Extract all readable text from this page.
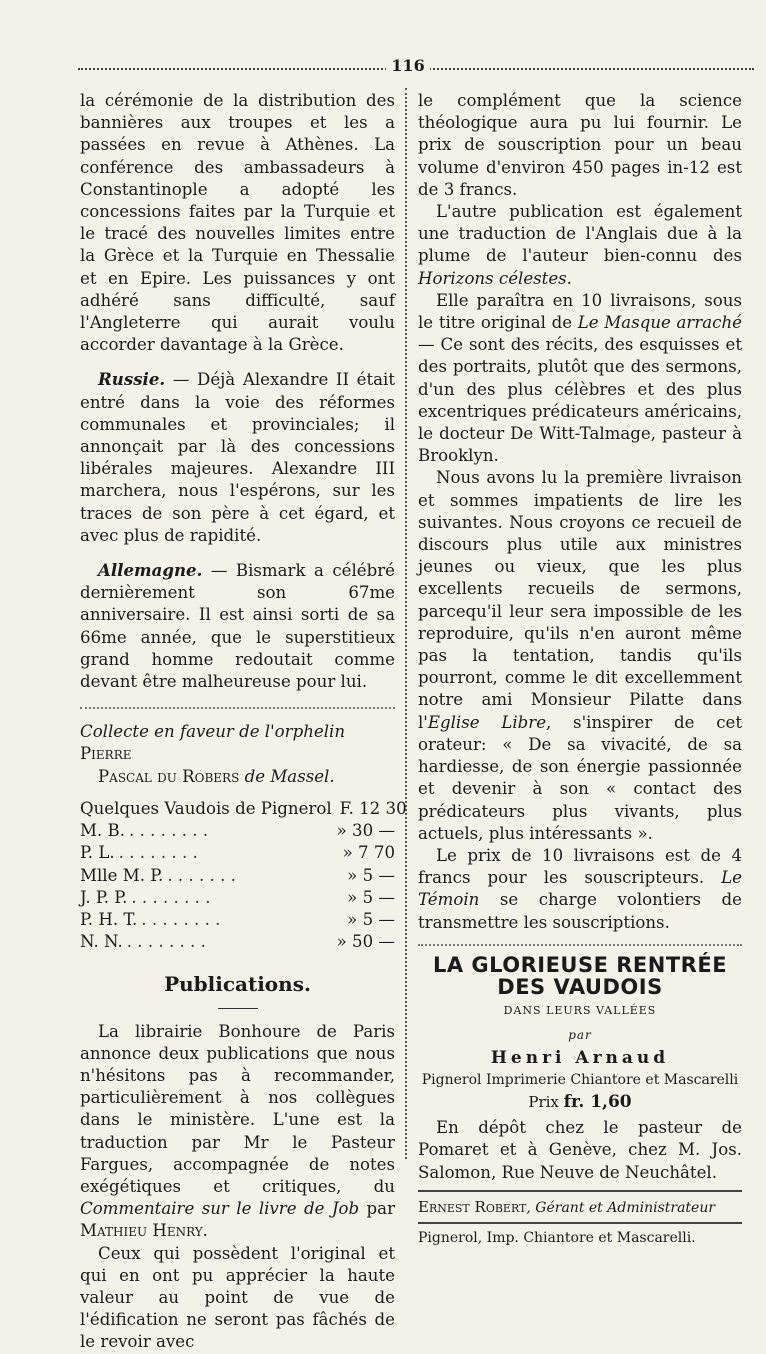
116

la cérémonie de la distribution des bannières aux troupes et les a passées en revue à Athènes. La conférence des ambassadeurs à Constantinople a adopté les concessions faites par la Turquie et le tracé des nouvelles limites entre la Grèce et la Turquie en Thessalie et en Epire. Les puissances y ont adhéré sans difficulté, sauf l'Angleterre qui aurait voulu accorder davantage à la Grèce.

Russie. — Déjà Alexandre II était entré dans la voie des réformes communales et provinciales; il annonçait par là des concessions libérales majeures. Alexandre III marchera, nous l'espérons, sur les traces de son père à cet égard, et avec plus de rapidité.

Allemagne. — Bismark a célébré dernièrement son 67me anniversaire. Il est ainsi sorti de sa 66me année, que le superstitieux grand homme redoutait comme devant être malheureuse pour lui.

Collecte en faveur de l'orphelin Pierre
Pascal du Robers de Massel.

Quelques Vaudois de Pignerol F. 12 30
M. B. . . . . . . . .	» 30 —
P. L. . . . . . . . .	» 7 70
Mlle M. P. . . . . . . .	» 5 —
J. P. P. . . . . . . . .	» 5 —
P. H. T. . . . . . . . .	» 5 —
N. N. . . . . . . . .	» 50 —
Publications.

La librairie Bonhoure de Paris annonce deux publications que nous n'hésitons pas à recommander, particulièrement à nos collègues dans le ministère. L'une est la traduction par Mr le Pasteur Fargues, accompagnée de notes exégétiques et critiques, du Commentaire sur le livre de Job par Mathieu Henry.

Ceux qui possèdent l'original et qui en ont pu apprécier la haute valeur au point de vue de l'édification ne seront pas fâchés de le revoir avec

le complément que la science théologique aura pu lui fournir. Le prix de souscription pour un beau volume d'environ 450 pages in-12 est de 3 francs.

L'autre publication est également une traduction de l'Anglais due à la plume de l'auteur bien-connu des Horizons célestes.

Elle paraîtra en 10 livraisons, sous le titre original de Le Masque arraché — Ce sont des récits, des esquisses et des portraits, plutôt que des sermons, d'un des plus célèbres et des plus excentriques prédicateurs américains, le docteur De Witt-Talmage, pasteur à Brooklyn.

Nous avons lu la première livraison et sommes impatients de lire les suivantes. Nous croyons ce recueil de discours plus utile aux ministres jeunes ou vieux, que les plus excellents recueils de sermons, parcequ'il leur sera impossible de les reproduire, qu'ils n'en auront même pas la tentation, tandis qu'ils pourront, comme le dit excellemment notre ami Monsieur Pilatte dans l'Eglise Libre, s'inspirer de cet orateur: « De sa vivacité, de sa hardiesse, de son énergie passionnée et devenir à son « contact des prédicateurs plus vivants, plus actuels, plus intéressants ».

Le prix de 10 livraisons est de 4 francs pour les souscripteurs. Le Témoin se charge volontiers de transmettre les souscriptions.

LA GLORIEUSE RENTRÉE DES VAUDOIS
DANS LEURS VALLÉES
par
Henri Arnaud
Pignerol Imprimerie Chiantore et Mascarelli
Prix fr. 1,60

En dépôt chez le pasteur de Pomaret et à Genève, chez M. Jos. Salomon, Rue Neuve de Neuchâtel.

Ernest Robert, Gérant et Administrateur
Pignerol, Imp. Chiantore et Mascarelli.
